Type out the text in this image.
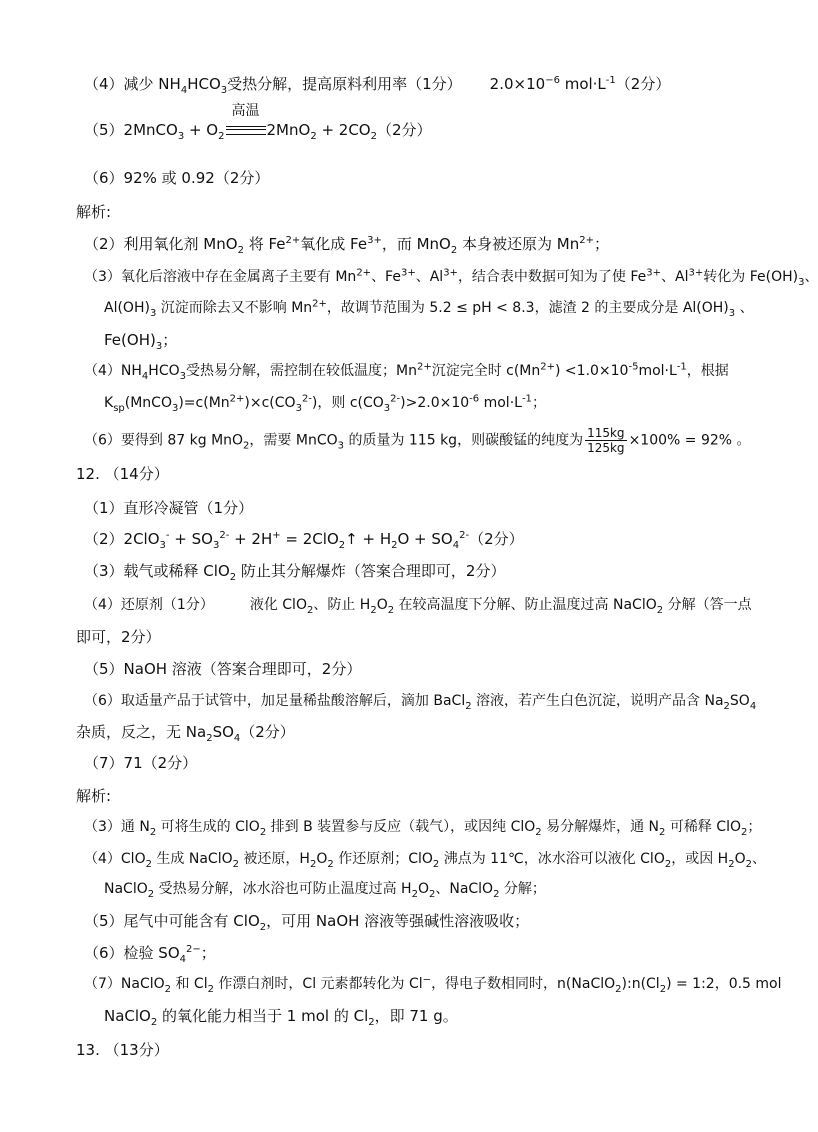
（4）减少 $NH_4HCO_3$受热分解，提高原料利用率（1分） $2.0\times 10^{-6}$ $mol\cdot L^{-1}(2$分）
（5）2MnCO$_3$ + $O_2$
高温
$2MnO_2 + 2CO_2(2$分）
（6）92% 或 0.92（2分）
解析:
（2）利用氧化剂 MnO$_2$ 将 $Fe^{2+}$氧化成 $Fe^{3+}$，而 MnO$_2$ 本身被还原为 $Mn^{2+}$；
（3）氧化后溶液中存在金属离子主要有 $Mn^{2+}$、$Fe^{3+}$、$Al^{3+}$，结合表中数据可知为了使 $Fe^{3+}$、$Al^{3+}$转化为 $Fe(OH)_3$、
$Al(OH)_3$ 沉淀而除去又不影响 $Mn^{2+}$，故调节范围为 5.2 ≤ pH < 8.3，滤渣 2 的主要成分是 $Al(OH)_3$ 、
$Fe(OH)_3$；
$(4)NH_4HCO_3$受热易分解，需控制在较低温度；$Mn^{2+}$沉淀完全时 $c(Mn^{2+}) <1.0\times 10^{-5}mol\cdot L^{-1}$，根据
$K_{sp}(MnCO_3)=c(Mn^{2+})\times c(CO_3^{2-})$，则 $c(CO_3^{2-})>2.0\times 10^{-6}$ $mol\cdot L^{-1}$；
（6）要得到 87 kg MnO$_2$，需要 MnCO$_3$ 的质量为 115 kg，则碳酸锰的纯度为 $\frac{115kg}{125kg} \times 100\% = 92\%$ 。
12. （14分）
（1）直形冷凝管（1分）
$(2)2ClO_3^- + SO_3^{2-} + 2H^+$ = 2ClO$_2$↑ + $H_2O + SO_4^{2-}(2$分）
（3）载气或稀释 ClO$_2$ 防止其分解爆炸（答案合理即可，2分）
（4）还原剂（1分）	液化 ClO$_2$、防止 $H_2O_2$ 在较高温度下分解、防止温度过高 NaClO$_2$ 分解（答一点
即可，2分）
（5）NaOH 溶液（答案合理即可，2分）
（6）取适量产品于试管中，加足量稀盐酸溶解后，滴加 BaCl$_2$ 溶液，若产生白色沉淀，说明产品含 $Na_2SO_4$
杂质，反之，无 $Na_2SO_4(2$分）
（7）71（2分）
解析:
（3）通 $N_2$ 可将生成的 ClO$_2$ 排到 B 装置参与反应（载气），或因纯 ClO$_2$ 易分解爆炸，通 $N_2$ 可稀释 ClO$_2$；
（4）ClO$_2$ 生成 NaClO$_2$ 被还原，$H_2O_2$ 作还原剂；ClO$_2$ 沸点为 11℃，冰水浴可以液化 ClO$_2$，或因 $H_2O_2$、
NaClO$_2$ 受热易分解，冰水浴也可防止温度过高 $H_2O_2$、NaClO$_2$ 分解；
（5）尾气中可能含有 ClO$_2$，可用 NaOH 溶液等强碱性溶液吸收；
（6）检验 $SO_4^{2-}$；
（7）NaClO$_2$ 和 $Cl_2$ 作漂白剂时，Cl 元素都转化为 Cl−，得电子数相同时，$n(NaClO_2):n(Cl_2)$ = 1:2，0.5 mol
NaClO$_2$ 的氧化能力相当于 1 mol 的 $Cl_2$，即 71 g。
13. （13分）
